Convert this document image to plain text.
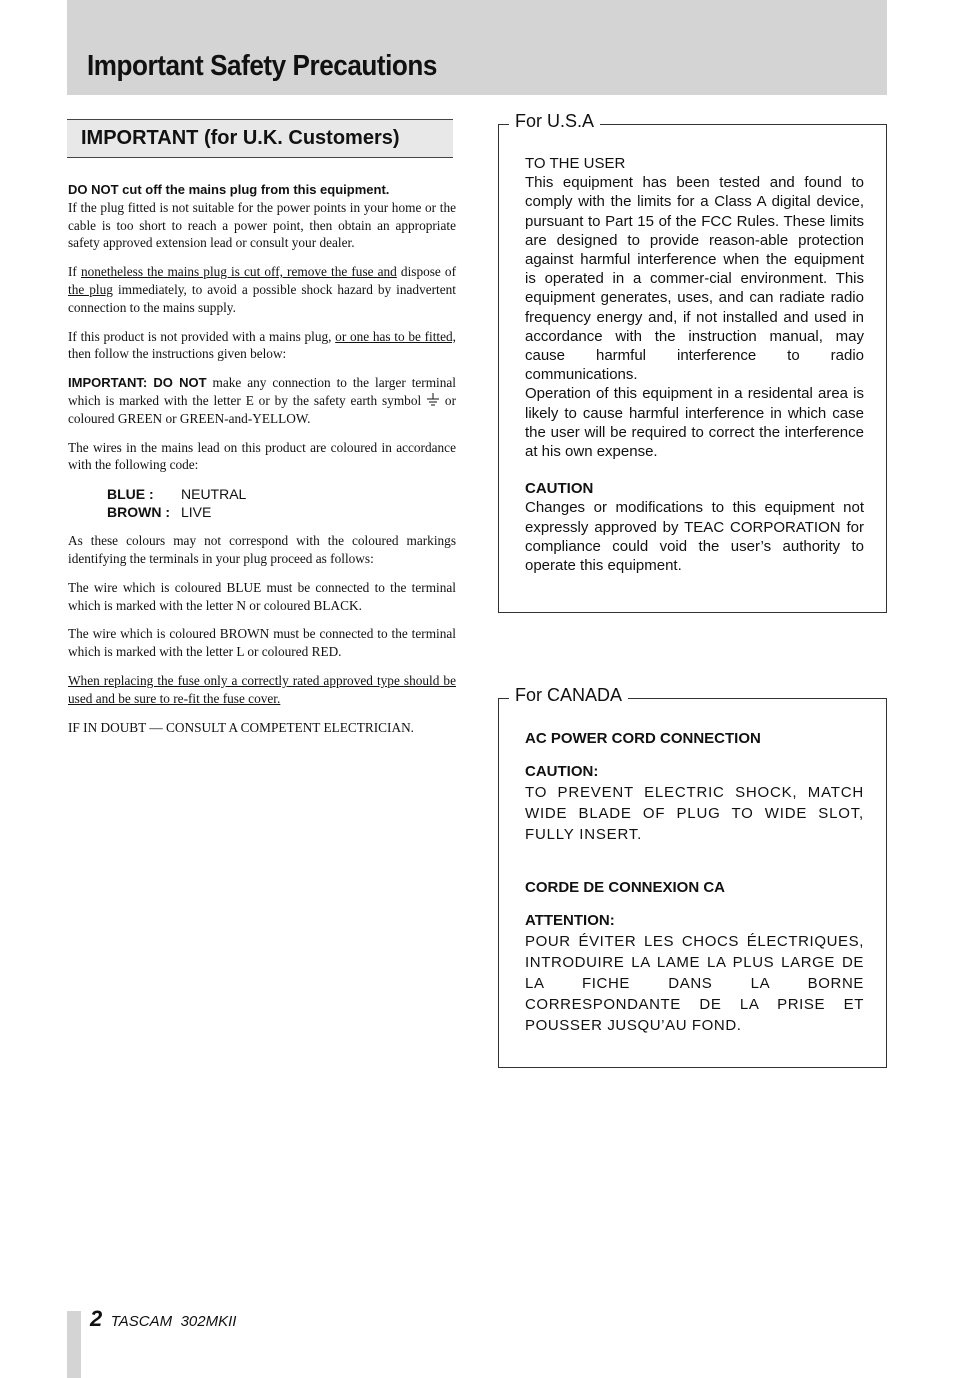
Important Safety Precautions
IMPORTANT (for U.K. Customers)

DO NOT cut off the mains plug from this equipment.
If the plug fitted is not suitable for the power points in your home or the cable is too short to reach a power point, then obtain an appropriate safety approved extension lead or consult your dealer.

If nonetheless the mains plug is cut off, remove the fuse and dispose of the plug immediately, to avoid a possible shock hazard by inadvertent connection to the mains supply.

If this product is not provided with a mains plug, or one has to be fitted, then follow the instructions given below:

IMPORTANT: DO NOT make any connection to the larger terminal which is marked with the letter E or by the safety earth symbol  or coloured GREEN or GREEN-and-YELLOW.

The wires in the mains lead on this product are coloured in accordance with the following code:

BLUE : NEUTRAL
BROWN : LIVE

As these colours may not correspond with the coloured markings identifying the terminals in your plug proceed as follows:

The wire which is coloured BLUE must be connected to the terminal which is marked with the letter N or coloured BLACK.

The wire which is coloured BROWN must be connected to the terminal which is marked with the letter L or coloured RED.

When replacing the fuse only a correctly rated approved type should be used and be sure to re-fit the fuse cover.

IF IN DOUBT — CONSULT A COMPETENT ELECTRICIAN.

For U.S.A

TO THE USER

This equipment has been tested and found to comply with the limits for a Class A digital device, pursuant to Part 15 of the FCC Rules. These limits are designed to provide reason-able protection against harmful interference when the equipment is operated in a commer-cial environment. This equipment generates, uses, and can radiate radio frequency energy and, if not installed and used in accordance with the instruction manual, may cause harmful interference to radio communications.

Operation of this equipment in a residental area is likely to cause harmful interference in which case the user will be required to correct the interference at his own expense.

CAUTION

Changes or modifications to this equipment not expressly approved by TEAC CORPORATION for compliance could void the user’s authority to operate this equipment.

For CANADA

AC POWER CORD CONNECTION

CAUTION:

TO PREVENT ELECTRIC SHOCK, MATCH WIDE BLADE OF PLUG TO WIDE SLOT, FULLY INSERT.

CORDE DE CONNEXION CA

ATTENTION:

POUR ÉVITER LES CHOCS ÉLECTRIQUES, INTRODUIRE LA LAME LA PLUS LARGE DE LA FICHE DANS LA BORNE CORRESPONDANTE DE LA PRISE ET POUSSER JUSQU’AU FOND.

2 TASCAM 302MKII
